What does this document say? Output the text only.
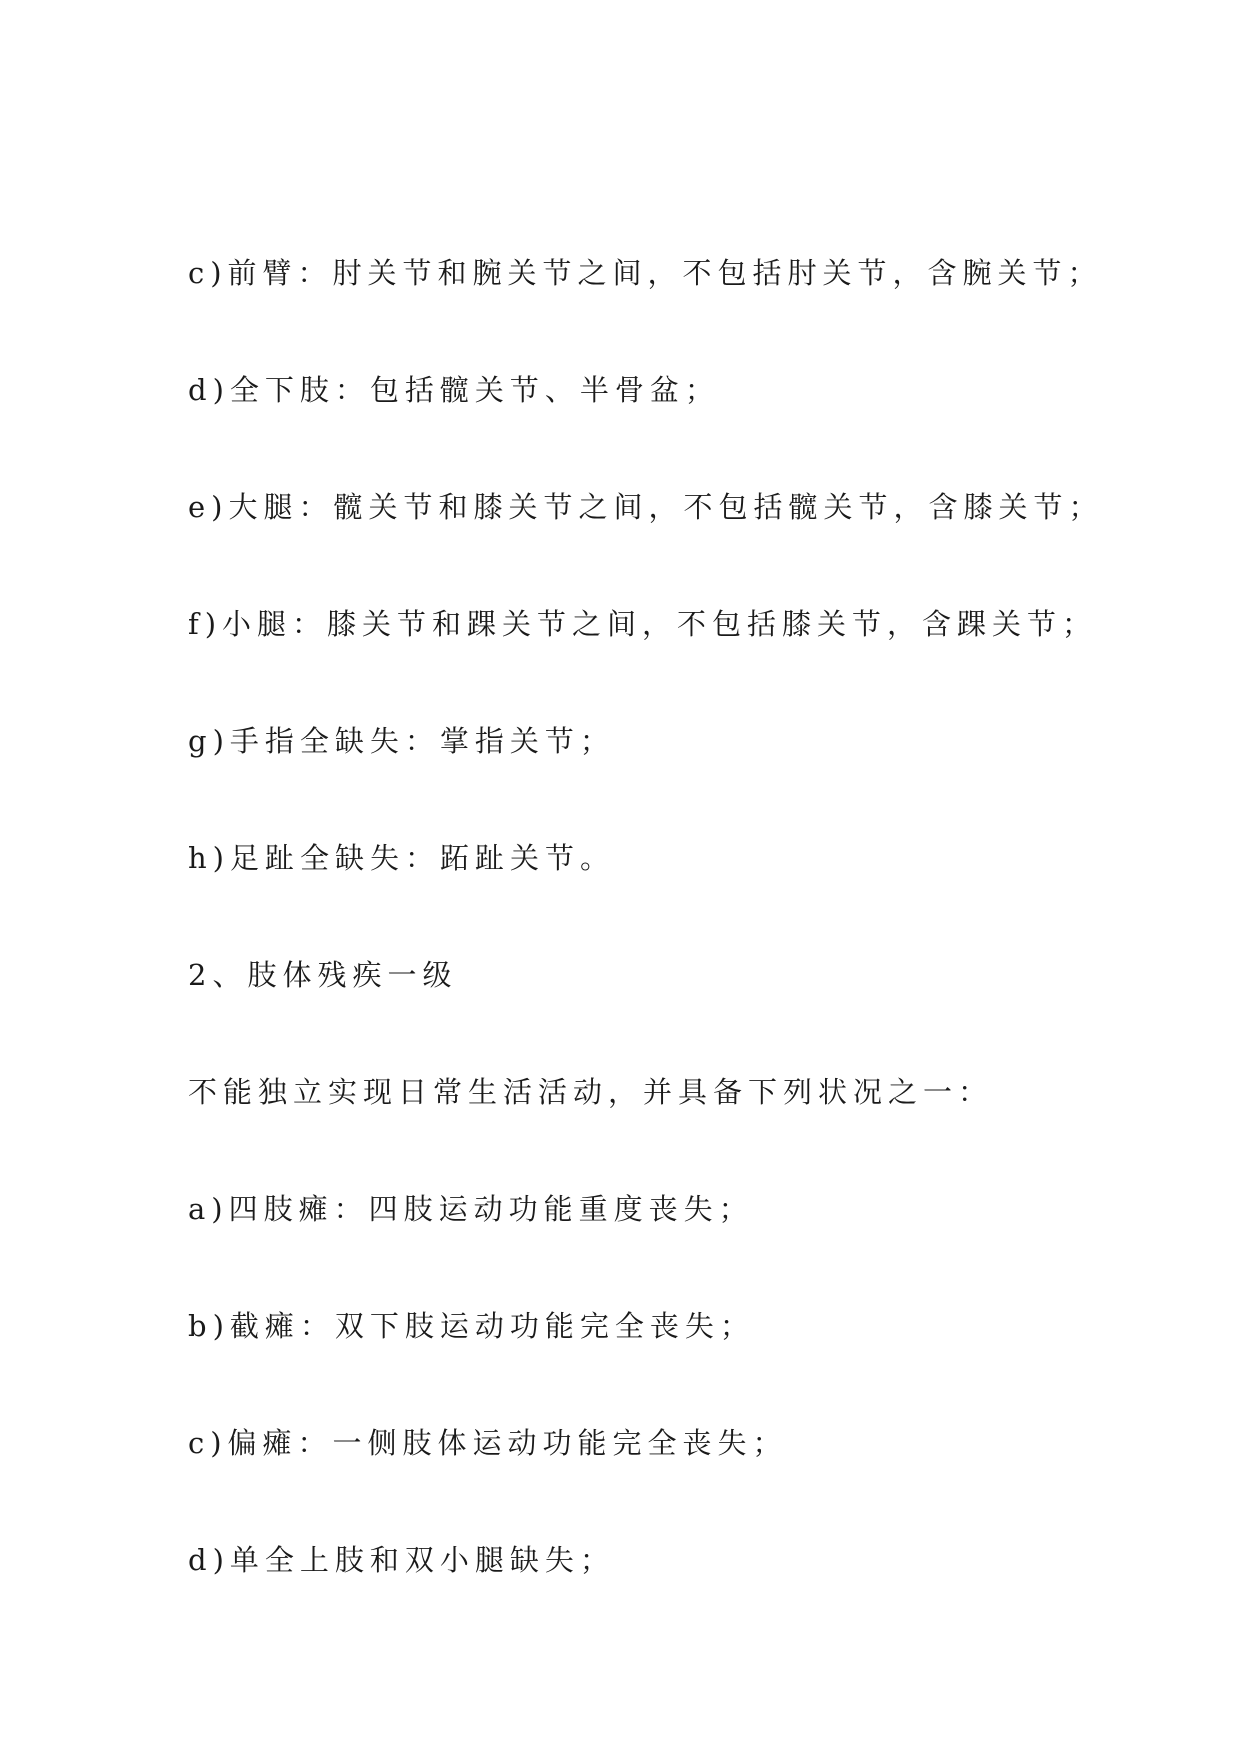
c)前臂：肘关节和腕关节之间，不包括肘关节，含腕关节；

d)全下肢：包括髋关节、半骨盆；

e)大腿：髋关节和膝关节之间，不包括髋关节，含膝关节；

f)小腿：膝关节和踝关节之间，不包括膝关节，含踝关节；

g)手指全缺失：掌指关节；

h)足趾全缺失：跖趾关节。

2、肢体残疾一级

不能独立实现日常生活活动，并具备下列状况之一：

a)四肢瘫：四肢运动功能重度丧失；

b)截瘫：双下肢运动功能完全丧失；

c)偏瘫：一侧肢体运动功能完全丧失；

d)单全上肢和双小腿缺失；
